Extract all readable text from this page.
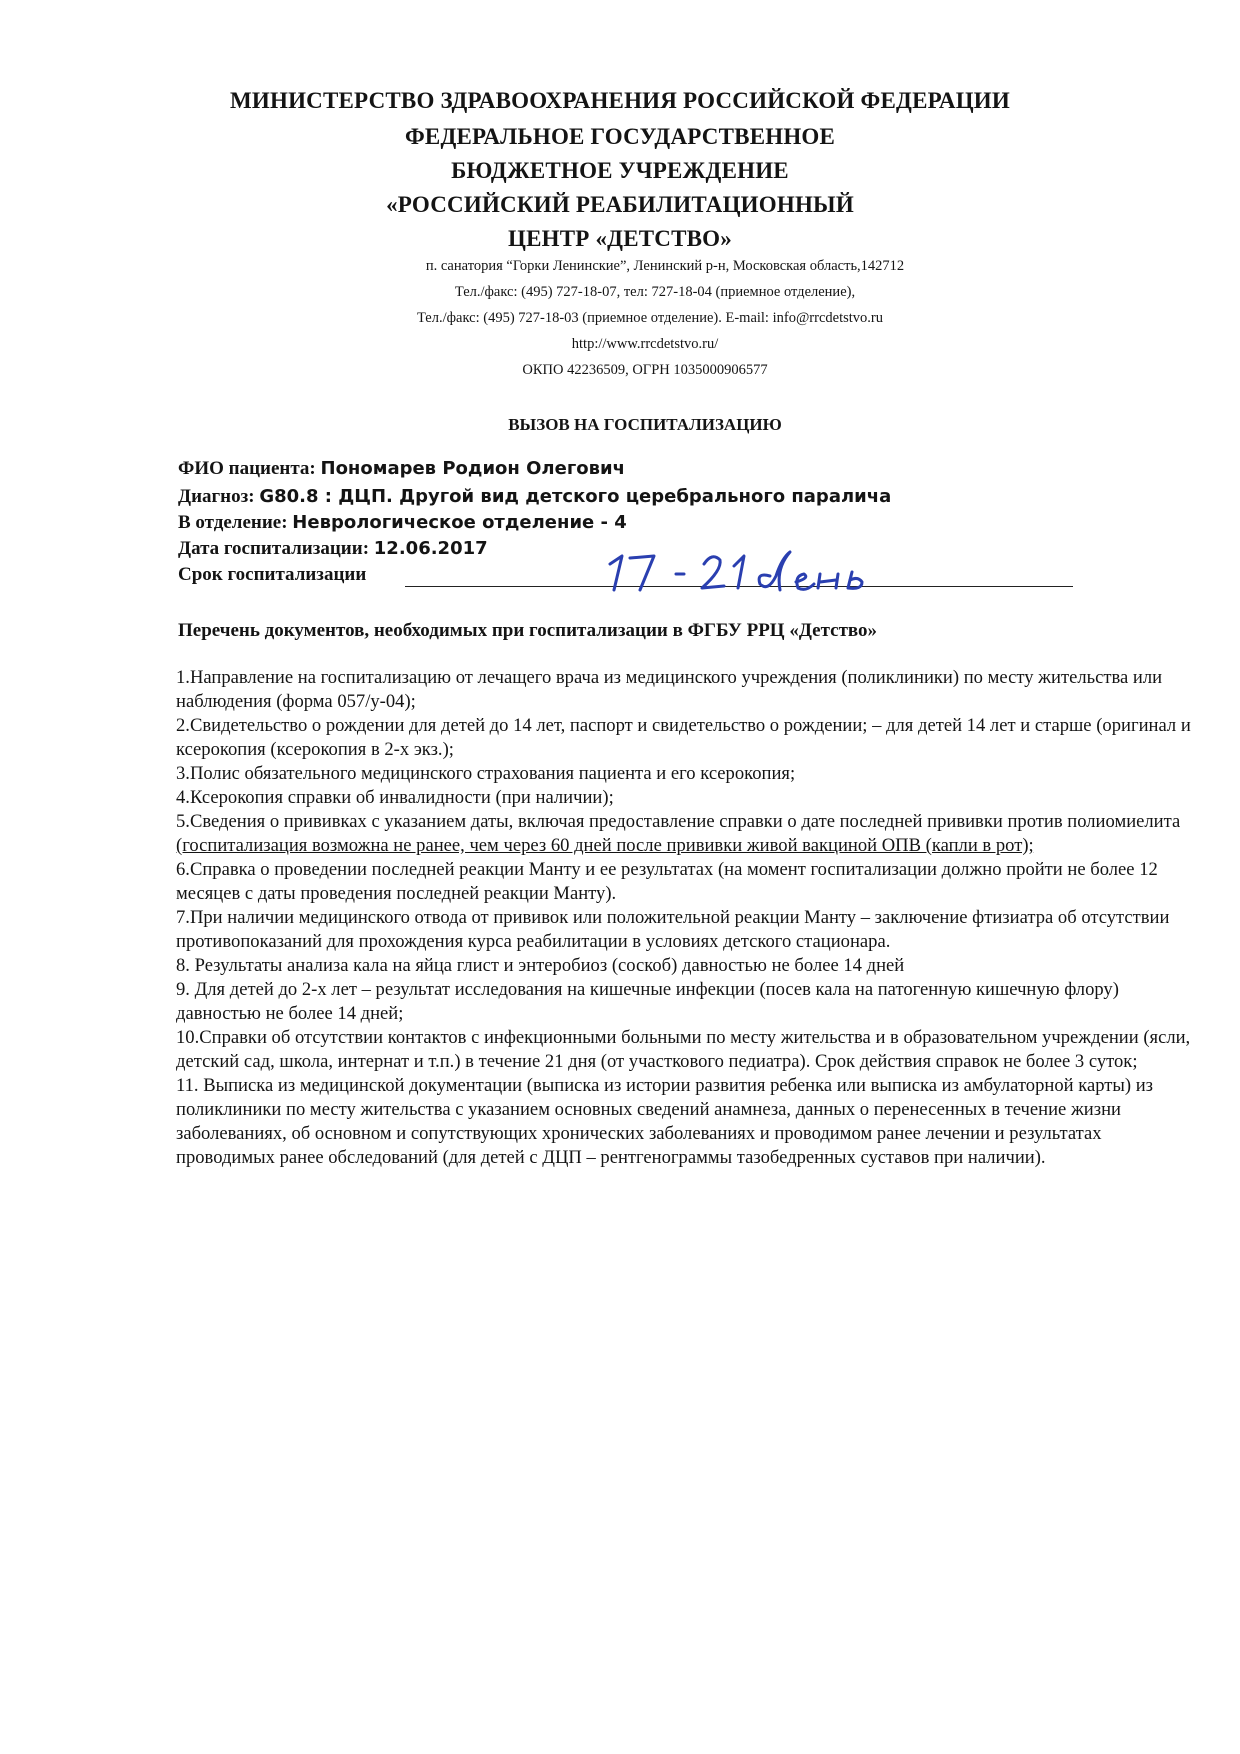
МИНИСТЕРСТВО ЗДРАВООХРАНЕНИЯ РОССИЙСКОЙ ФЕДЕРАЦИИ
ФЕДЕРАЛЬНОЕ ГОСУДАРСТВЕННОЕ
БЮДЖЕТНОЕ УЧРЕЖДЕНИЕ
«РОССИЙСКИЙ РЕАБИЛИТАЦИОННЫЙ
ЦЕНТР «ДЕТСТВО»
п. санатория “Горки Ленинские”, Ленинский р-н, Московская область,142712
Тел./факс: (495) 727-18-07, тел: 727-18-04 (приемное отделение),
Тел./факс: (495) 727-18-03 (приемное отделение). E-mail: info@rrcdetstvo.ru
http://www.rrcdetstvo.ru/
ОКПО 42236509, ОГРН 1035000906577
ВЫЗОВ НА ГОСПИТАЛИЗАЦИЮ
ФИО пациента: Пономарев Родион Олегович
Диагноз: G80.8 : ДЦП. Другой вид детского церебрального паралича
В отделение: Неврологическое отделение - 4
Дата госпитализации: 12.06.2017
Срок госпитализации
Перечень документов, необходимых при госпитализации в ФГБУ РРЦ «Детство»

1.Направление на госпитализацию от лечащего врача из медицинского учреждения (поликлиники) по месту жительства или наблюдения (форма 057/у-04);

2.Свидетельство о рождении для детей до 14 лет, паспорт и свидетельство о рождении; – для детей 14 лет и старше (оригинал и ксерокопия (ксерокопия в 2-х экз.);

3.Полис обязательного медицинского страхования пациента и его ксерокопия;

4.Ксерокопия справки об инвалидности (при наличии);

5.Сведения о прививках с указанием даты, включая предоставление справки о дате последней прививки против полиомиелита (госпитализация возможна не ранее, чем через 60 дней после прививки живой вакциной ОПВ (капли в рот);

6.Справка о проведении последней реакции Манту и ее результатах (на момент госпитализации должно пройти не более 12 месяцев с даты проведения последней реакции Манту).

7.При наличии медицинского отвода от прививок или положительной реакции Манту – заключение фтизиатра об отсутствии противопоказаний для прохождения курса реабилитации в условиях детского стационара.

8. Результаты анализа кала на яйца глист и энтеробиоз (соскоб) давностью не более 14 дней

9. Для детей до 2-х лет – результат исследования на кишечные инфекции (посев кала на патогенную кишечную флору) давностью не более 14 дней;

10.Справки об отсутствии контактов с инфекционными больными по месту жительства и в образовательном учреждении (ясли, детский сад, школа, интернат и т.п.) в течение 21 дня (от участкового педиатра). Срок действия справок не более 3 суток;

11. Выписка из медицинской документации (выписка из истории развития ребенка или выписка из амбулаторной карты) из поликлиники по месту жительства с указанием основных сведений анамнеза, данных о перенесенных в течение жизни заболеваниях, об основном и сопутствующих хронических заболеваниях и проводимом ранее лечении и результатах проводимых ранее обследований (для детей с ДЦП – рентгенограммы тазобедренных суставов при наличии).
